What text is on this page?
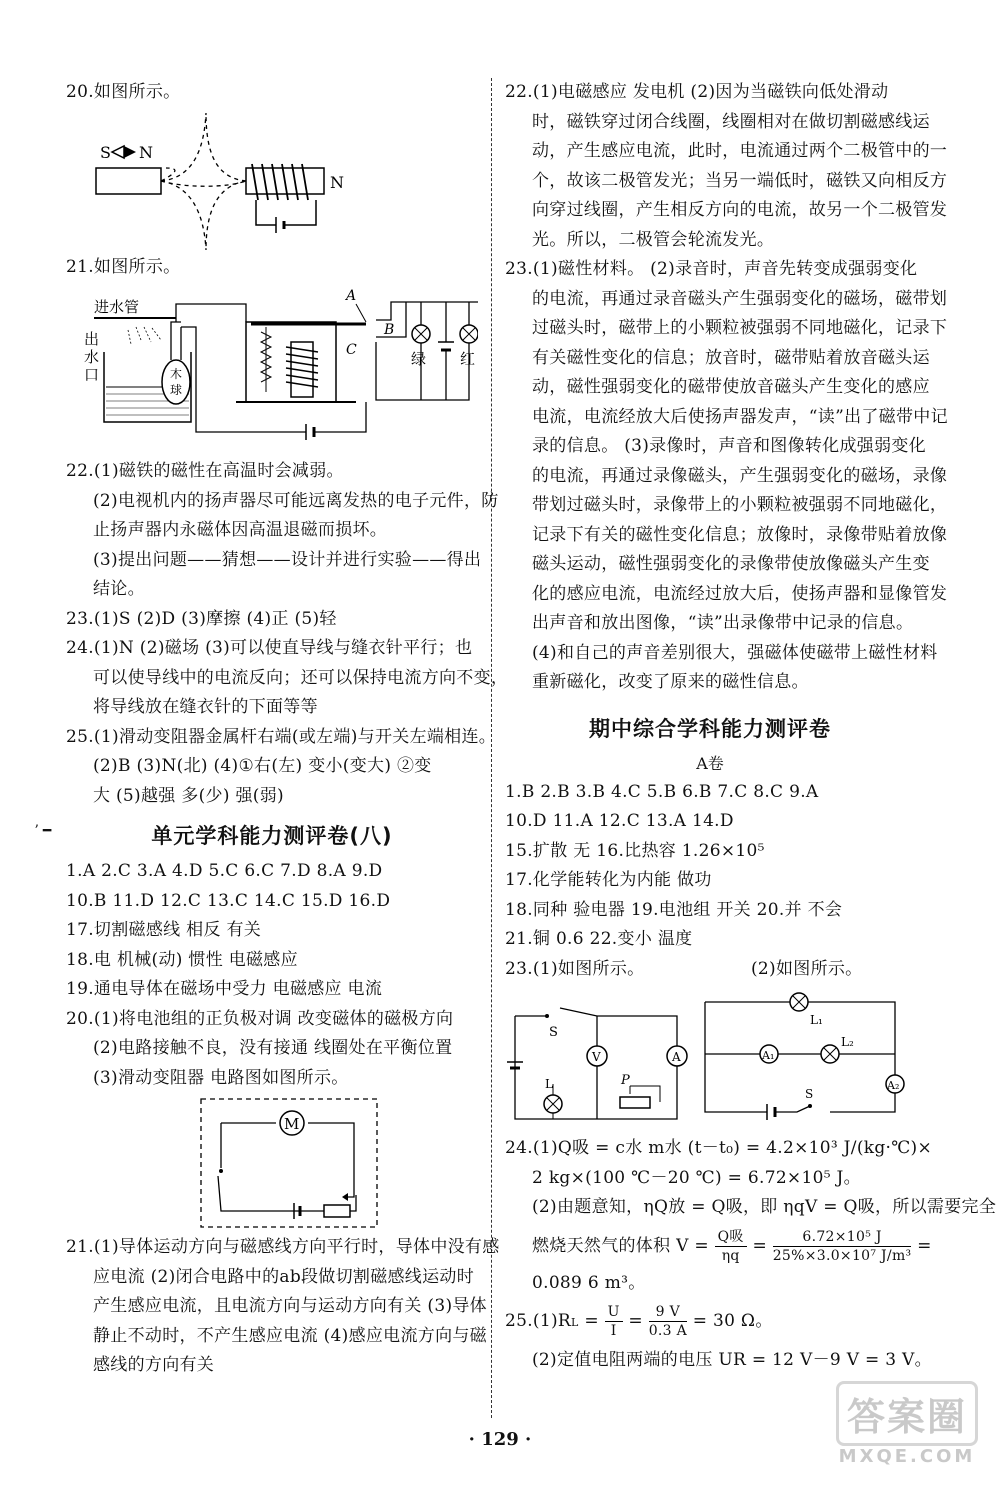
ʼ ━
20.如图所示。
S N
N
21.如图所示。
进水管
出
水
口	木
球
A
B
C	绿 红
22.(1)磁铁的磁性在高温时会减弱。
(2)电视机内的扬声器尽可能远离发热的电子元件，防
止扬声器内永磁体因高温退磁而损坏。
(3)提出问题——猜想——设计并进行实验——得出
结论。
23.(1)S (2)D (3)摩擦 (4)正 (5)轻
24.(1)N (2)磁场 (3)可以使直导线与缝衣针平行；也
可以使导线中的电流反向；还可以保持电流方向不变，
将导线放在缝衣针的下面等等
25.(1)滑动变阻器金属杆右端(或左端)与开关左端相连。
(2)B (3)N(北) (4)①右(左) 变小(变大) ②变
大 (5)越强 多(少) 强(弱)
单元学科能力测评卷(八)
1.A 2.C 3.A 4.D 5.C 6.C 7.D 8.A 9.D
10.B 11.D 12.C 13.C 14.C 15.D 16.D
17.切割磁感线 相反 有关
18.电 机械(动) 惯性 电磁感应
19.通电导体在磁场中受力 电磁感应 电流
20.(1)将电池组的正负极对调 改变磁体的磁极方向
(2)电路接触不良，没有接通 线圈处在平衡位置
(3)滑动变阻器 电路图如图所示。
M
21.(1)导体运动方向与磁感线方向平行时，导体中没有感
应电流 (2)闭合电路中的ab段做切割磁感线运动时
产生感应电流，且电流方向与运动方向有关 (3)导体
静止不动时，不产生感应电流 (4)感应电流方向与磁
感线的方向有关
22.(1)电磁感应 发电机 (2)因为当磁铁向低处滑动
时，磁铁穿过闭合线圈，线圈相对在做切割磁感线运
动，产生感应电流，此时，电流通过两个二极管中的一
个，故该二极管发光；当另一端低时，磁铁又向相反方
向穿过线圈，产生相反方向的电流，故另一个二极管发
光。所以，二极管会轮流发光。
23.(1)磁性材料。 (2)录音时，声音先转变成强弱变化
的电流，再通过录音磁头产生强弱变化的磁场，磁带划
过磁头时，磁带上的小颗粒被强弱不同地磁化，记录下
有关磁性变化的信息；放音时，磁带贴着放音磁头运
动，磁性强弱变化的磁带使放音磁头产生变化的感应
电流，电流经放大后使扬声器发声，“读”出了磁带中记
录的信息。 (3)录像时，声音和图像转化成强弱变化
的电流，再通过录像磁头，产生强弱变化的磁场，录像
带划过磁头时，录像带上的小颗粒被强弱不同地磁化，
记录下有关的磁性变化信息；放像时，录像带贴着放像
磁头运动，磁性强弱变化的录像带使放像磁头产生变
化的感应电流，电流经过放大后，使扬声器和显像管发
出声音和放出图像，“读”出录像带中记录的信息。
(4)和自己的声音差别很大，强磁体使磁带上磁性材料
重新磁化，改变了原来的磁性信息。
期中综合学科能力测评卷
A卷
1.B 2.B 3.B 4.C 5.B 6.B 7.C 8.C 9.A
10.D 11.A 12.C 13.A 14.D
15.扩散 无 16.比热容 1.26×10⁵
17.化学能转化为内能 做功
18.同种 验电器 19.电池组 开关 20.并 不会
21.铜 0.6 22.变小 温度
23.(1)如图所示。	(2)如图所示。
S
V	A
L	P
L₁
A₁
L₂
S
A₂
24.(1)Q吸 = c水 m水 (t－t₀) = 4.2×10³ J/(kg·℃)×
2 kg×(100 ℃－20 ℃) = 6.72×10⁵ J。
(2)由题意知，ηQ放 = Q吸，即 ηqV = Q吸，所以需要完全
燃烧天然气的体积 V = Q吸
$\eta q = \frac{\text{6.72×10⁵ J}}{\text{25\%×3.0×10⁷ J/m³}}$ =
0.089 6 m³。
$25.(1)RL = \frac{U}{I} = \frac{9 V}{0.3 A} = 30$ Ω。
(2)定值电阻两端的电压 UR = 12 V－9 V = 3 V。
· 129 ·
答案圈
MXQE.COM
